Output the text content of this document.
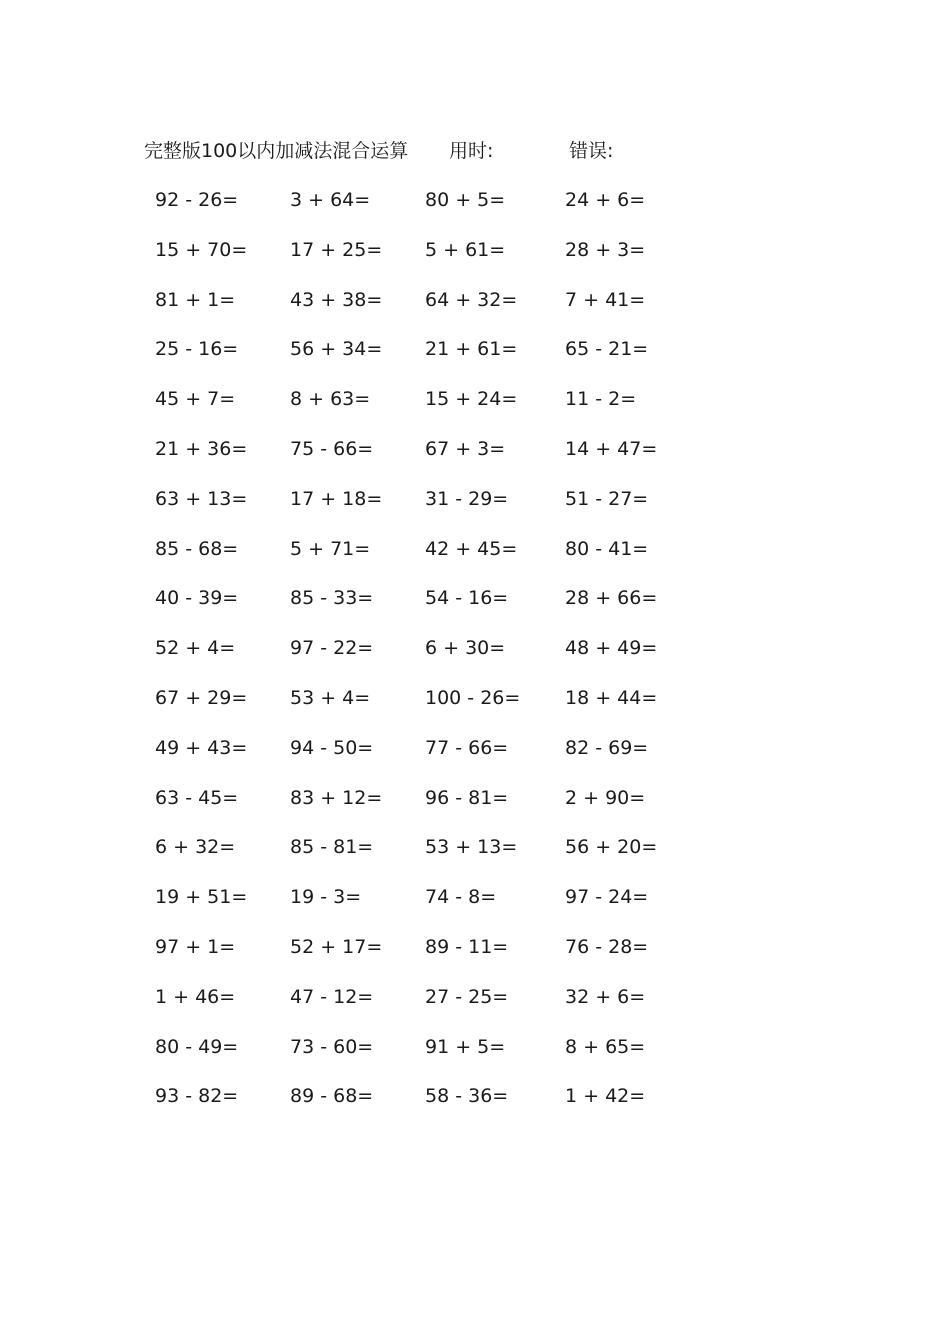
完整版100以内加减法混合运算 用时:	错误:
92 - 26=	3 + 64=	80 + 5=	24 + 6=
15 + 70=	17 + 25=	5 + 61=	28 + 3=
81 + 1=	43 + 38=	64 + 32=	7 + 41=
25 - 16=	56 + 34=	21 + 61=	65 - 21=
45 + 7=	8 + 63=	15 + 24=	11 - 2=
21 + 36=	75 - 66=	67 + 3=	14 + 47=
63 + 13=	17 + 18=	31 - 29=	51 - 27=
85 - 68=	5 + 71=	42 + 45=	80 - 41=
40 - 39=	85 - 33=	54 - 16=	28 + 66=
52 + 4=	97 - 22=	6 + 30=	48 + 49=
67 + 29=	53 + 4=	100 - 26=	18 + 44=
49 + 43=	94 - 50=	77 - 66=	82 - 69=
63 - 45=	83 + 12=	96 - 81=	2 + 90=
6 + 32=	85 - 81=	53 + 13=	56 + 20=
19 + 51=	19 - 3=	74 - 8=	97 - 24=
97 + 1=	52 + 17=	89 - 11=	76 - 28=
1 + 46=	47 - 12=	27 - 25=	32 + 6=
80 - 49=	73 - 60=	91 + 5=	8 + 65=
93 - 82=	89 - 68=	58 - 36=	1 + 42=
